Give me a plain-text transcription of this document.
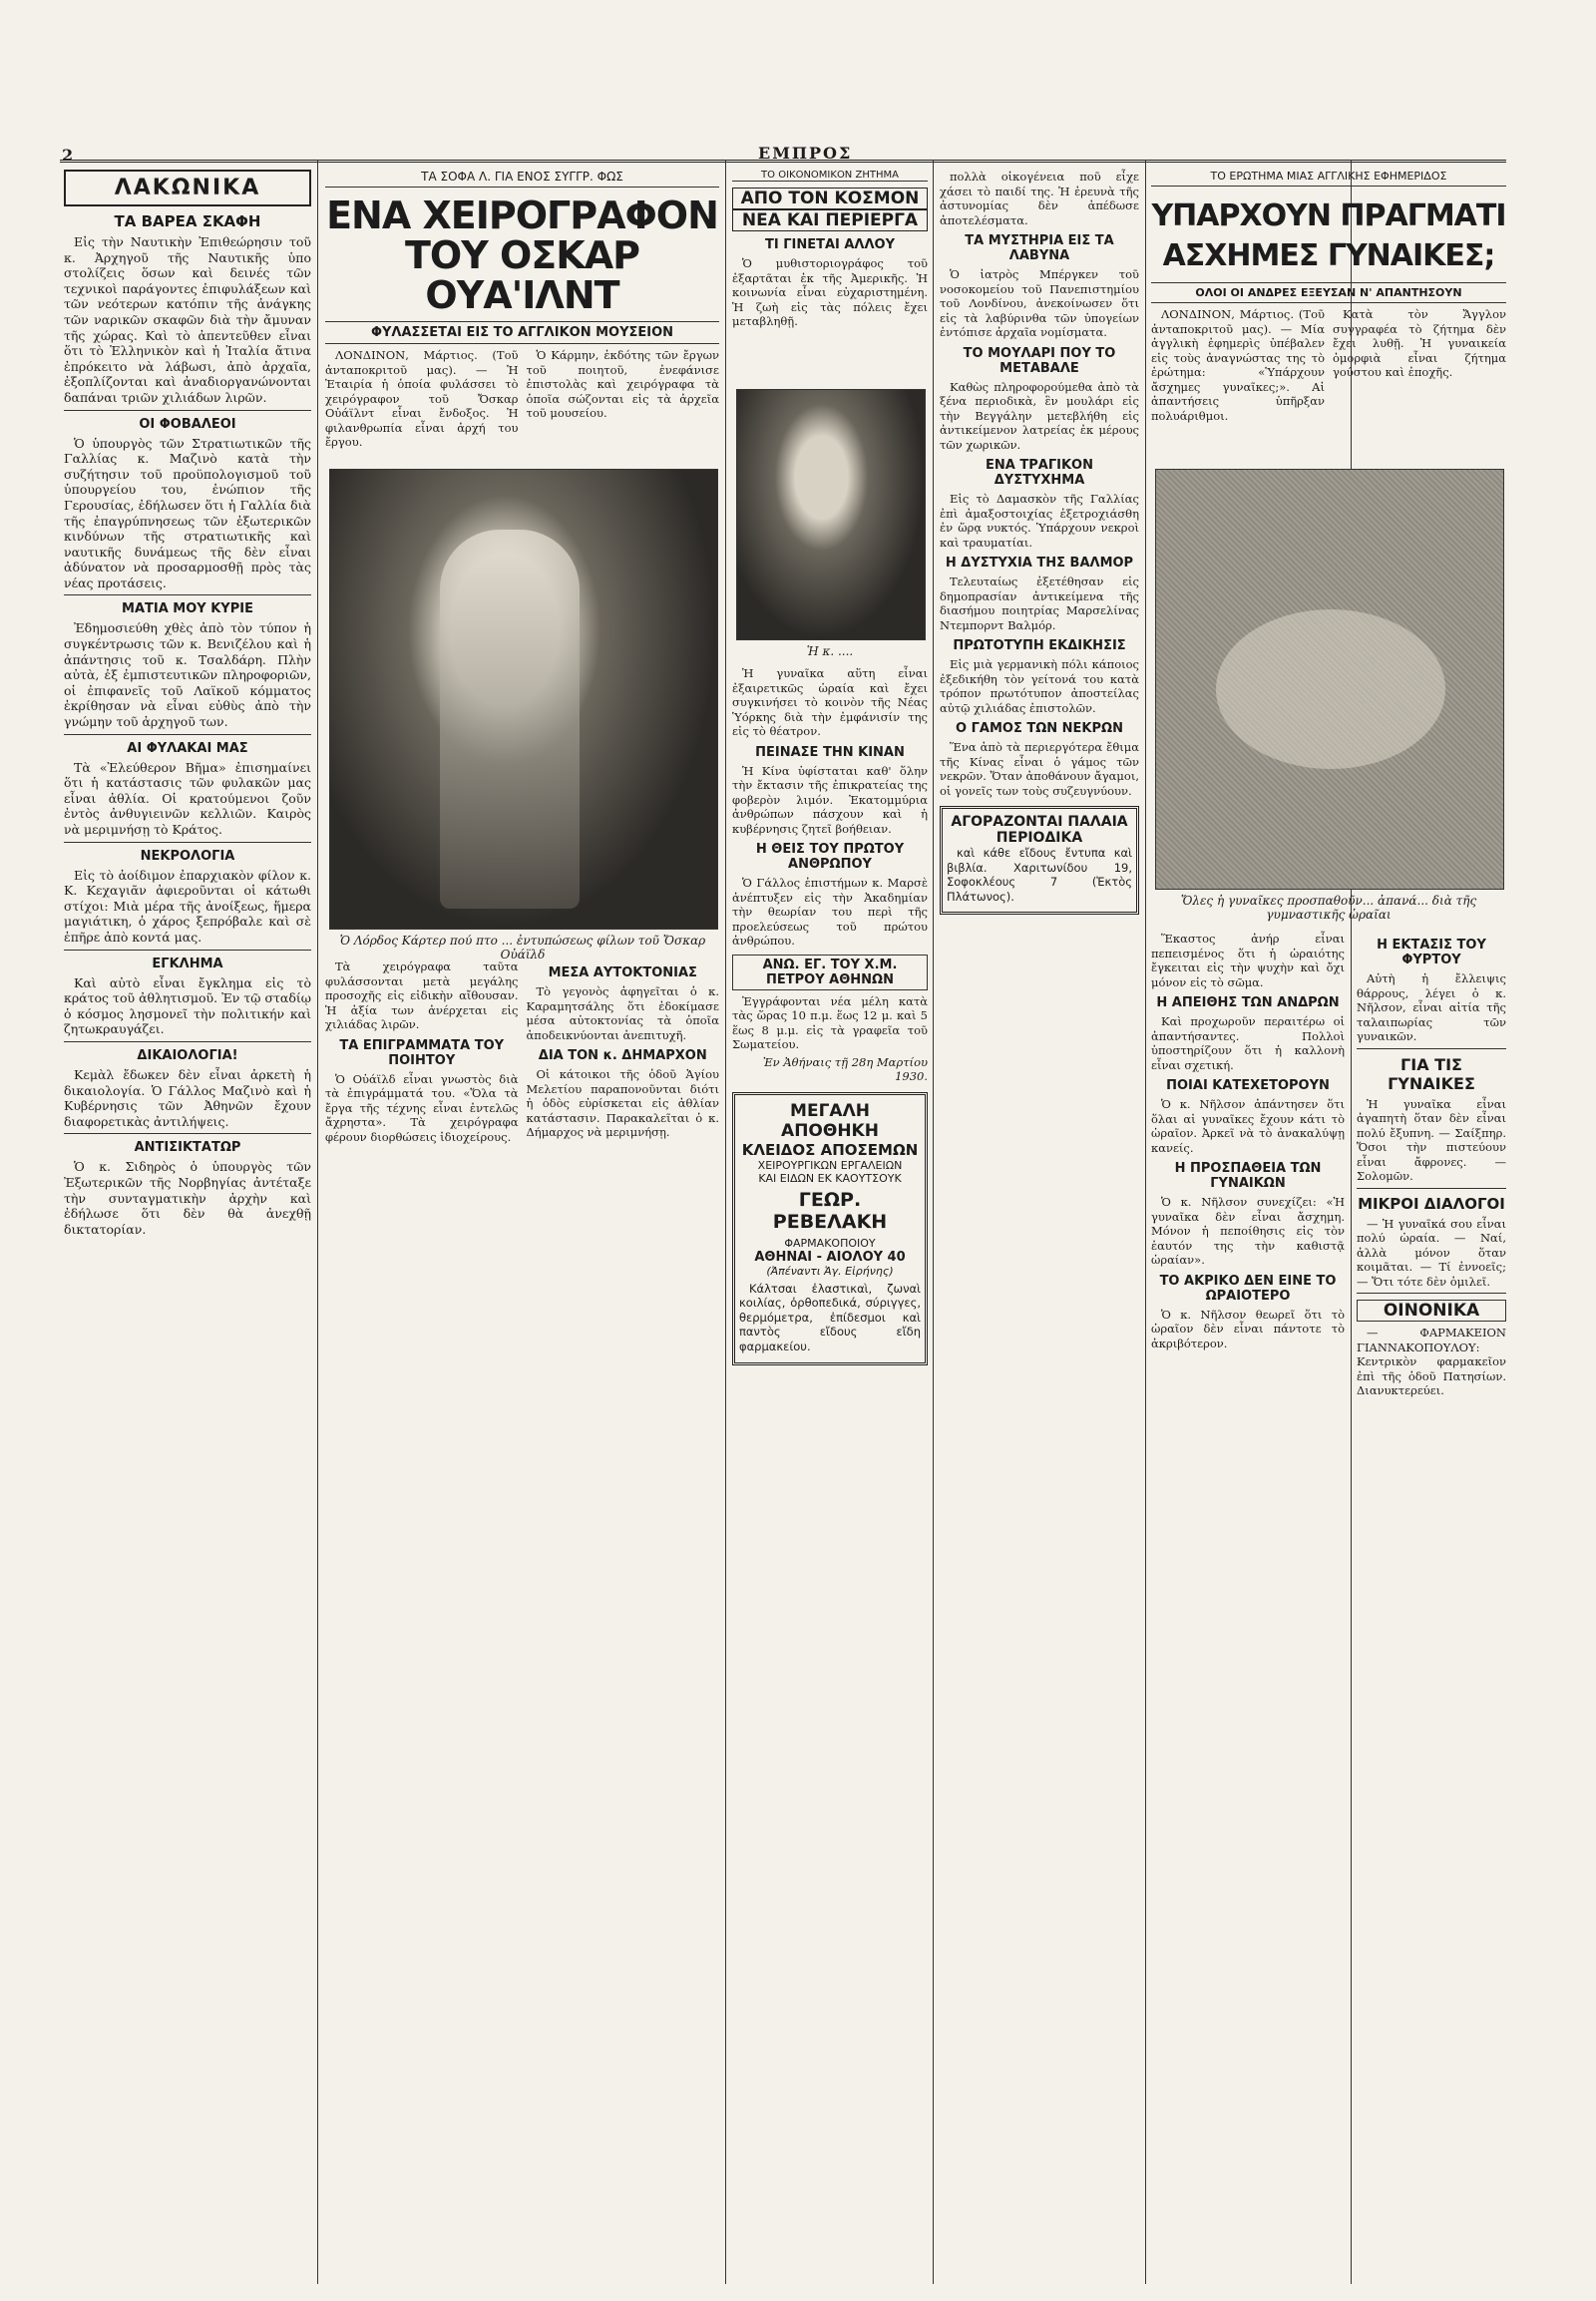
2	ΕΜΠΡΟΣ
ΛΑΚΩΝΙΚΑ
ΤΑ ΒΑΡΕΑ ΣΚΑΦΗ

Εἰς τὴν Ναυτικὴν Ἐπιθεώρησιν τοῦ κ. Ἀρχηγοῦ τῆς Ναυτικῆς ὑπο στολίζεις ὅσων καὶ δεινές τῶν τεχνικοὶ παράγοντες ἐπιφυλάξεων καὶ τῶν νεότερων κατόπιν τῆς ἀνάγκης τῶν ναρικῶν σκαφῶν διὰ τὴν ἄμυναν τῆς χώρας. Καὶ τὸ ἀπεντεῦθεν εἶναι ὅτι τὸ Ἑλληνικὸν καὶ ἡ Ἰταλία ἄτινα ἐπρόκειτο νὰ λάβωσι, ἀπὸ ἀρχαῖα, ἐξοπλίζονται καὶ ἀναδιοργανώνονται δαπάναι τριῶν χιλιάδων λιρῶν.

ΟΙ ΦΟΒΑΛΕΟΙ

Ὁ ὑπουργὸς τῶν Στρατιωτικῶν τῆς Γαλλίας κ. Μαζινὸ κατὰ τὴν συζήτησιν τοῦ προϋπολογισμοῦ τοῦ ὑπουργείου του, ἐνώπιον τῆς Γερουσίας, ἐδήλωσεν ὅτι ἡ Γαλλία διὰ τῆς ἐπαγρύπνησεως τῶν ἐξωτερικῶν κινδύνων τῆς στρατιωτικῆς καὶ ναυτικῆς δυνάμεως τῆς δὲν εἶναι ἀδύνατον νὰ προσαρμοσθῇ πρὸς τὰς νέας προτάσεις.

ΜΑΤΙΑ ΜΟΥ ΚΥΡΙΕ

Ἐδημοσιεύθη χθὲς ἀπὸ τὸν τύπον ἡ συγκέντρωσις τῶν κ. Βενιζέλου καὶ ἡ ἀπάντησις τοῦ κ. Τσαλδάρη. Πλὴν αὐτὰ, ἐξ ἐμπιστευτικῶν πληροφοριῶν, οἱ ἐπιφανεῖς τοῦ Λαϊκοῦ κόμματος ἐκρίθησαν νὰ εἶναι εὐθὺς ἀπὸ τὴν γνώμην τοῦ ἀρχηγοῦ των.

ΑΙ ΦΥΛΑΚΑΙ ΜΑΣ

Τὰ «Ἐλεύθερον Βῆμα» ἐπισημαίνει ὅτι ἡ κατάστασις τῶν φυλακῶν μας εἶναι ἀθλία. Οἱ κρατούμενοι ζοῦν ἐντὸς ἀνθυγιεινῶν κελλιῶν. Καιρὸς νὰ μεριμνήσῃ τὸ Κράτος.

ΝΕΚΡΟΛΟΓΙΑ

Εἰς τὸ ἀοίδιμον ἐπαρχιακὸν φίλον κ. Κ. Κεχαγιᾶν ἀφιεροῦνται οἱ κάτωθι στίχοι: Μιὰ μέρα τῆς ἀνοίξεως, ἥμερα μαγιάτικη, ὁ χάρος ξεπρόβαλε καὶ σὲ ἐπῆρε ἀπὸ κοντά μας.

ΕΓΚΛΗΜΑ

Καὶ αὐτὸ εἶναι ἔγκλημα εἰς τὸ κράτος τοῦ ἀθλητισμοῦ. Ἐν τῷ σταδίῳ ὁ κόσμος λησμονεῖ τὴν πολιτικήν καὶ ζητωκραυγάζει.

ΔΙΚΑΙΟΛΟΓΙΑ!

Κεμὰλ ἔδωκεν δὲν εἶναι ἀρκετὴ ἡ δικαιολογία. Ὁ Γάλλος Μαζινὸ καὶ ἡ Κυβέρνησις τῶν Ἀθηνῶν ἔχουν διαφορετικὰς ἀντιλήψεις.

ΑΝΤΙΣΙΚΤΑΤΩΡ

Ὁ κ. Σιδηρὸς ὁ ὑπουργὸς τῶν Ἐξωτερικῶν τῆς Νορβηγίας ἀντέταξε τὴν συνταγματικὴν ἀρχὴν καὶ ἐδήλωσε ὅτι δὲν θὰ ἀνεχθῇ δικτατορίαν.

ΤΑ ΣΟΦΑ Λ. ΓΙΑ ΕΝΟΣ ΣΥΓΓΡ. ΦΩΣ
ΕΝΑ ΧΕΙΡΟΓΡΑΦΟΝ
ΤΟΥ ΟΣΚΑΡ ΟΥΑ'ΙΛΝΤ
ΦΥΛΑΣΣΕΤΑΙ ΕΙΣ ΤΟ ΑΓΓΛΙΚΟΝ ΜΟΥΣΕΙΟΝ

ΛΟΝΔΙΝΟΝ, Μάρτιος. (Τοῦ ἀνταποκριτοῦ μας). — Ἡ Ἐταιρία ἡ ὁποία φυλάσσει τὸ χειρόγραφον τοῦ Ὄσκαρ Οὐάϊλντ εἶναι ἔνδοξος. Ἡ φιλανθρωπία εἶναι ἀρχή του ἔργου.

Ὁ Κάρμην, ἐκδότης τῶν ἔργων τοῦ ποιητοῦ, ἐνεφάνισε ἐπιστολὰς καὶ χειρόγραφα τὰ ὁποῖα σώζονται εἰς τὰ ἀρχεῖα τοῦ μουσείου.

Ὁ Λόρδος Κάρτερ πού πτο ... ἐντυπώσεως φίλων τοῦ Ὄσκαρ Οὐάϊλδ

Τὰ χειρόγραφα ταῦτα φυλάσσονται μετὰ μεγάλης προσοχῆς εἰς εἰδικὴν αἴθουσαν. Ἡ ἀξία των ἀνέρχεται εἰς χιλιάδας λιρῶν.

ΤΑ ΕΠΙΓΡΑΜΜΑΤΑ ΤΟΥ ΠΟΙΗΤΟΥ

Ὁ Οὐάϊλδ εἶναι γνωστὸς διὰ τὰ ἐπιγράμματά του. «Ὅλα τὰ ἔργα τῆς τέχνης εἶναι ἐντελῶς ἄχρηστα». Τὰ χειρόγραφα φέρουν διορθώσεις ἰδιοχείρους.

ΜΕΣΑ ΑΥΤΟΚΤΟΝΙΑΣ

Τὸ γεγονὸς ἀφηγεῖται ὁ κ. Καραμητσάλης ὅτι ἐδοκίμασε μέσα αὐτοκτονίας τὰ ὁποῖα ἀποδεικνύονται ἀνεπιτυχῆ.

ΔΙΑ ΤΟΝ κ. ΔΗΜΑΡΧΟΝ

Οἱ κάτοικοι τῆς ὁδοῦ Ἁγίου Μελετίου παραπονοῦνται διότι ἡ ὁδὸς εὑρίσκεται εἰς ἀθλίαν κατάστασιν. Παρακαλεῖται ὁ κ. Δήμαρχος νὰ μεριμνήσῃ.

ΤΟ ΟΙΚΟΝΟΜΙΚΟΝ ΖΗΤΗΜΑ
ΑΠΟ ΤΟΝ ΚΟΣΜΟΝ
ΝΕΑ ΚΑΙ ΠΕΡΙΕΡΓΑ
ΤΙ ΓΙΝΕΤΑΙ ΑΛΛΟΥ

Ὁ μυθιστοριογράφος τοῦ ἐξαρτᾶται ἐκ τῆς Ἀμερικῆς. Ἡ κοινωνία εἶναι εὐχαριστημένη. Ἡ ζωὴ εἰς τὰς πόλεις ἔχει μεταβληθῇ.

Ἡ κ. ....

Ἡ γυναῖκα αὕτη εἶναι ἐξαιρετικῶς ὡραία καὶ ἔχει συγκινήσει τὸ κοινὸν τῆς Νέας Ὑόρκης διὰ τὴν ἐμφάνισίν της εἰς τὸ θέατρον.

ΠΕΙΝΑΣΕ ΤΗΝ ΚΙΝΑΝ

Ἡ Κίνα ὑφίσταται καθ' ὅλην τὴν ἔκτασιν τῆς ἐπικρατείας της φοβερὸν λιμόν. Ἑκατομμύρια ἀνθρώπων πάσχουν καὶ ἡ κυβέρνησις ζητεῖ βοήθειαν.

Η ΘΕΙΣ ΤΟΥ ΠΡΩΤΟΥ ΑΝΘΡΩΠΟΥ

Ὁ Γάλλος ἐπιστήμων κ. Μαρσὲ ἀνέπτυξεν εἰς τὴν Ἀκαδημίαν τὴν θεωρίαν του περὶ τῆς προελεύσεως τοῦ πρώτου ἀνθρώπου.

ΑΝΩ. ΕΓ. ΤΟΥ Χ.Μ. ΠΕΤΡΟΥ ΑΘΗΝΩΝ

Ἐγγράφονται νέα μέλη κατὰ τὰς ὥρας 10 π.μ. ἕως 12 μ. καὶ 5 ἕως 8 μ.μ. εἰς τὰ γραφεῖα τοῦ Σωματείου.

Ἐν Ἀθήναις τῇ 28η Μαρτίου 1930.
ΜΕΓΑΛΗ ΑΠΟΘΗΚΗ
ΚΛΕΙΔΟΣ ΑΠΟΣΕΜΩΝ
ΧΕΙΡΟΥΡΓΙΚΩΝ ΕΡΓΑΛΕΙΩΝ
ΚΑΙ ΕΙΔΩΝ ΕΚ ΚΑΟΥΤΣΟΥΚ
ΓΕΩΡ. ΡΕΒΕΛΑΚΗ
ΦΑΡΜΑΚΟΠΟΙΟΥ
ΑΘΗΝΑΙ - ΑΙΟΛΟΥ 40
(Ἀπέναντι Ἁγ. Εἰρήνης)

Κάλτσαι ἐλαστικαὶ, ζωναὶ κοιλίας, ὀρθοπεδικά, σύριγγες, θερμόμετρα, ἐπίδεσμοι καὶ παντὸς εἴδους εἴδη φαρμακείου.

πολλὰ οἰκογένεια ποῦ εἶχε χάσει τὸ παιδί της. Ἡ ἐρευνὰ τῆς ἀστυνομίας δὲν ἀπέδωσε ἀποτελέσματα.

ΤΑ ΜΥΣΤΗΡΙΑ ΕΙΣ ΤΑ ΛΑΒΥΝΑ

Ὁ ἰατρὸς Μπέργκεν τοῦ νοσοκομείου τοῦ Πανεπιστημίου τοῦ Λονδίνου, ἀνεκοίνωσεν ὅτι εἰς τὰ λαβύρινθα τῶν ὑπογείων ἐντόπισε ἀρχαῖα νομίσματα.

ΤΟ ΜΟΥΛΑΡΙ ΠΟΥ ΤΟ ΜΕΤΑΒΑΛΕ

Καθὼς πληροφορούμεθα ἀπὸ τὰ ξένα περιοδικὰ, ἓν μουλάρι εἰς τὴν Βεγγάλην μετεβλήθη εἰς ἀντικείμενον λατρείας ἐκ μέρους τῶν χωρικῶν.

ΕΝΑ ΤΡΑΓΙΚΟΝ ΔΥΣΤΥΧΗΜΑ

Εἰς τὸ Δαμασκὸν τῆς Γαλλίας ἐπὶ ἀμαξοστοιχίας ἐξετροχιάσθη ἐν ὥρᾳ νυκτός. Ὑπάρχουν νεκροὶ καὶ τραυματίαι.

Η ΔΥΣΤΥΧΙΑ ΤΗΣ ΒΑΛΜΟΡ

Τελευταίως ἐξετέθησαν εἰς δημοπρασίαν ἀντικείμενα τῆς διασήμου ποιητρίας Μαρσελίνας Ντεμπορντ Βαλμόρ.

ΠΡΩΤΟΤΥΠΗ ΕΚΔΙΚΗΣΙΣ

Εἰς μιὰ γερμανικὴ πόλι κάποιος ἐξεδικήθη τὸν γείτονά του κατὰ τρόπον πρωτότυπον ἀποστείλας αὐτῷ χιλιάδας ἐπιστολῶν.

Ο ΓΑΜΟΣ ΤΩΝ ΝΕΚΡΩΝ

Ἕνα ἀπὸ τὰ περιεργότερα ἔθιμα τῆς Κίνας εἶναι ὁ γάμος τῶν νεκρῶν. Ὅταν ἀποθάνουν ἄγαμοι, οἱ γονεῖς των τοὺς συζευγνύουν.

ΑΓΟΡΑΖΟΝΤΑΙ ΠΑΛΑΙΑ ΠΕΡΙΟΔΙΚΑ

καὶ κάθε εἴδους ἔντυπα καὶ βιβλία. Χαριτωνίδου 19, Σοφοκλέους 7 (Ἑκτὸς Πλάτωνος).

ΤΟ ΕΡΩΤΗΜΑ ΜΙΑΣ ΑΓΓΛΙΚΗΣ ΕΦΗΜΕΡΙΔΟΣ
ΥΠΑΡΧΟΥΝ ΠΡΑΓΜΑΤΙ
ΑΣΧΗΜΕΣ ΓΥΝΑΙΚΕΣ;
ΟΛΟΙ ΟΙ ΑΝΔΡΕΣ ΕΞΕΥΣΑΝ Ν' ΑΠΑΝΤΗΣΟΥΝ

ΛΟΝΔΙΝΟΝ, Μάρτιος. (Τοῦ ἀνταποκριτοῦ μας). — Μία ἀγγλικὴ ἐφημερὶς ὑπέβαλεν εἰς τοὺς ἀναγνώστας της τὸ ἐρώτημα: «Ὑπάρχουν ἄσχημες γυναῖκες;». Αἱ ἀπαντήσεις ὑπῆρξαν πολυάριθμοι.

Κατὰ τὸν Ἄγγλον συγγραφέα τὸ ζήτημα δὲν ἔχει λυθῇ. Ἡ γυναικεία ὀμορφιὰ εἶναι ζήτημα γούστου καὶ ἐποχῆς.

Ὅλες ἡ γυναῖκες προσπαθοῦν... ἀπανά... διὰ τῆς γυμναστικῆς ὡραῖαι

Ἕκαστος ἀνήρ εἶναι πεπεισμένος ὅτι ἡ ὡραιότης ἔγκειται εἰς τὴν ψυχὴν καὶ ὄχι μόνον εἰς τὸ σῶμα.

Η ΑΠΕΙΘΗΣ ΤΩΝ ΑΝΔΡΩΝ

Καὶ προχωροῦν περαιτέρω οἱ ἀπαντήσαντες. Πολλοὶ ὑποστηρίζουν ὅτι ἡ καλλονὴ εἶναι σχετική.

ΠΟΙΑΙ ΚΑΤΕΧΕΤΟΡΟΥΝ

Ὁ κ. Νῆλσον ἀπάντησεν ὅτι ὅλαι αἱ γυναῖκες ἔχουν κάτι τὸ ὡραῖον. Ἀρκεῖ νὰ τὸ ἀνακαλύψῃ κανείς.

Η ΠΡΟΣΠΑΘΕΙΑ ΤΩΝ ΓΥΝΑΙΚΩΝ

Ὁ κ. Νῆλσον συνεχίζει: «Ἡ γυναῖκα δὲν εἶναι ἄσχημη. Μόνον ἡ πεποίθησις εἰς τὸν ἑαυτόν της τὴν καθιστᾷ ὡραίαν».

ΤΟ ΑΚΡΙΚΟ ΔΕΝ ΕΙΝΕ ΤΟ ΩΡΑΙΟΤΕΡΟ

Ὁ κ. Νῆλσον θεωρεῖ ὅτι τὸ ὡραῖον δὲν εἶναι πάντοτε τὸ ἀκριβότερον.

Η ΕΚΤΑΣΙΣ ΤΟΥ ΦΥΡΤΟΥ

Αὐτὴ ἡ ἔλλειψις θάρρους, λέγει ὁ κ. Νῆλσον, εἶναι αἰτία τῆς ταλαιπωρίας τῶν γυναικῶν.

ΓΙΑ ΤΙΣ ΓΥΝΑΙΚΕΣ

Ἡ γυναῖκα εἶναι ἀγαπητὴ ὅταν δὲν εἶναι πολύ ἔξυπνη. — Σαίξπηρ. Ὅσοι τὴν πιστεύουν εἶναι ἄφρονες. — Σολομῶν.

ΜΙΚΡΟΙ ΔΙΑΛΟΓΟΙ

— Ἡ γυναῖκά σου εἶναι πολύ ὡραία. — Ναί, ἀλλὰ μόνον ὅταν κοιμᾶται. — Τί ἐννοεῖς; — Ὅτι τότε δὲν ὁμιλεῖ.

ΟΙΝΟΝΙΚΑ

— ΦΑΡΜΑΚΕΙΟΝ ΓΙΑΝΝΑΚΟΠΟΥΛΟΥ: Κεντρικὸν φαρμακεῖον ἐπὶ τῆς ὁδοῦ Πατησίων. Διανυκτερεύει.
